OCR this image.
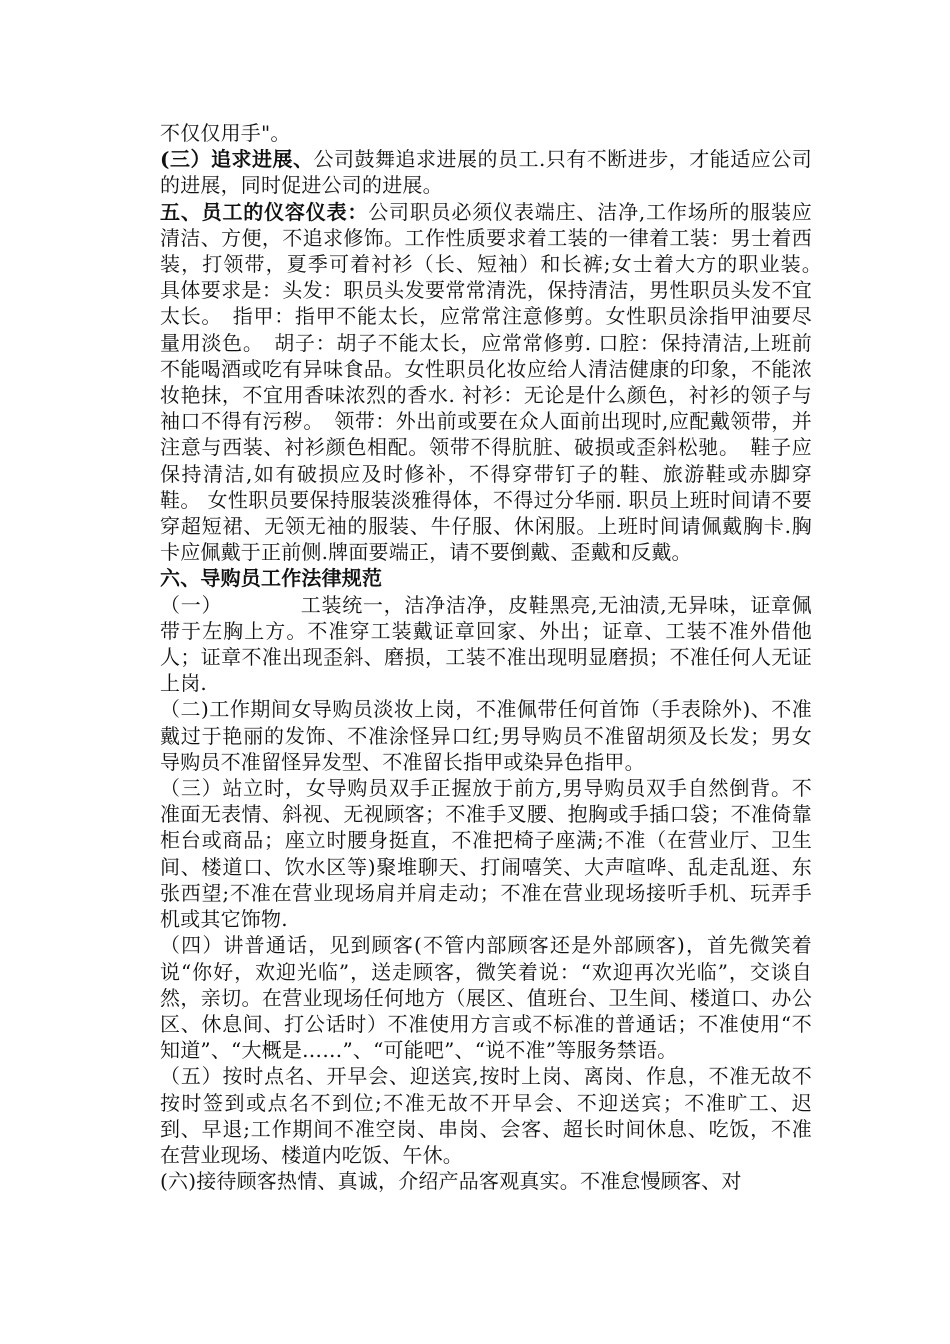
不仅仅用手"。

(三）追求进展、公司鼓舞追求进展的员工.只有不断进步，才能适应公司的进展，同时促进公司的进展。

五、员工的仪容仪表：公司职员必须仪表端庄、洁净,工作场所的服装应清洁、方便，不追求修饰。工作性质要求着工装的一律着工装：男士着西装，打领带，夏季可着衬衫（长、短袖）和长裤;女士着大方的职业装。　具体要求是：头发：职员头发要常常清洗，保持清洁，男性职员头发不宜太长。　指甲：指甲不能太长，应常常注意修剪。女性职员涂指甲油要尽量用淡色。　胡子：胡子不能太长，应常常修剪. 口腔：保持清洁,上班前不能喝酒或吃有异味食品。女性职员化妆应给人清洁健康的印象，不能浓妆艳抹，不宜用香味浓烈的香水. 衬衫：无论是什么颜色，衬衫的领子与袖口不得有污秽。　领带：外出前或要在众人面前出现时,应配戴领带，并注意与西装、衬衫颜色相配。领带不得肮脏、破损或歪斜松驰。　鞋子应保持清洁,如有破损应及时修补，不得穿带钉子的鞋、旅游鞋或赤脚穿鞋。 女性职员要保持服装淡雅得体，不得过分华丽. 职员上班时间请不要穿超短裙、无领无袖的服装、牛仔服、休闲服。上班时间请佩戴胸卡.胸卡应佩戴于正前侧.牌面要端正，请不要倒戴、歪戴和反戴。

六、导购员工作法律规范

（一）	工装统一，洁净洁净，皮鞋黑亮,无油渍,无异味，证章佩 带于左胸上方。不准穿工装戴证章回家、外出；证章、工装不准外借他人；证章不准出现歪斜、磨损，工装不准出现明显磨损；不准任何人无证上岗.

（二)工作期间女导购员淡妆上岗，不准佩带任何首饰（手表除外)、不准戴过于艳丽的发饰、不准涂怪异口红;男导购员不准留胡须及长发；男女导购员不准留怪异发型、不准留长指甲或染异色指甲。

（三）站立时，女导购员双手正握放于前方,男导购员双手自然倒背。不准面无表情、斜视、无视顾客；不准手叉腰、抱胸或手插口袋；不准倚靠柜台或商品；座立时腰身挺直，不准把椅子座满;不准（在营业厅、卫生间、楼道口、饮水区等)聚堆聊天、打闹嘻笑、大声喧哗、乱走乱逛、东张西望;不准在营业现场肩并肩走动；不准在营业现场接听手机、玩弄手机或其它饰物.

（四）讲普通话，见到顾客(不管内部顾客还是外部顾客)，首先微笑着说“你好，欢迎光临”，送走顾客，微笑着说：“欢迎再次光临”，交谈自然，亲切。在营业现场任何地方（展区、值班台、卫生间、楼道口、办公区、休息间、打公话时）不准使用方言或不标准的普通话；不准使用“不知道”、“大概是……”、“可能吧”、“说不准”等服务禁语。

（五）按时点名、开早会、迎送宾,按时上岗、离岗、作息，不准无故不按时签到或点名不到位;不准无故不开早会、不迎送宾；不准旷工、迟到、早退;工作期间不准空岗、串岗、会客、超长时间休息、吃饭，不准在营业现场、楼道内吃饭、午休。

(六)接待顾客热情、真诚，介绍产品客观真实。不准怠慢顾客、对
